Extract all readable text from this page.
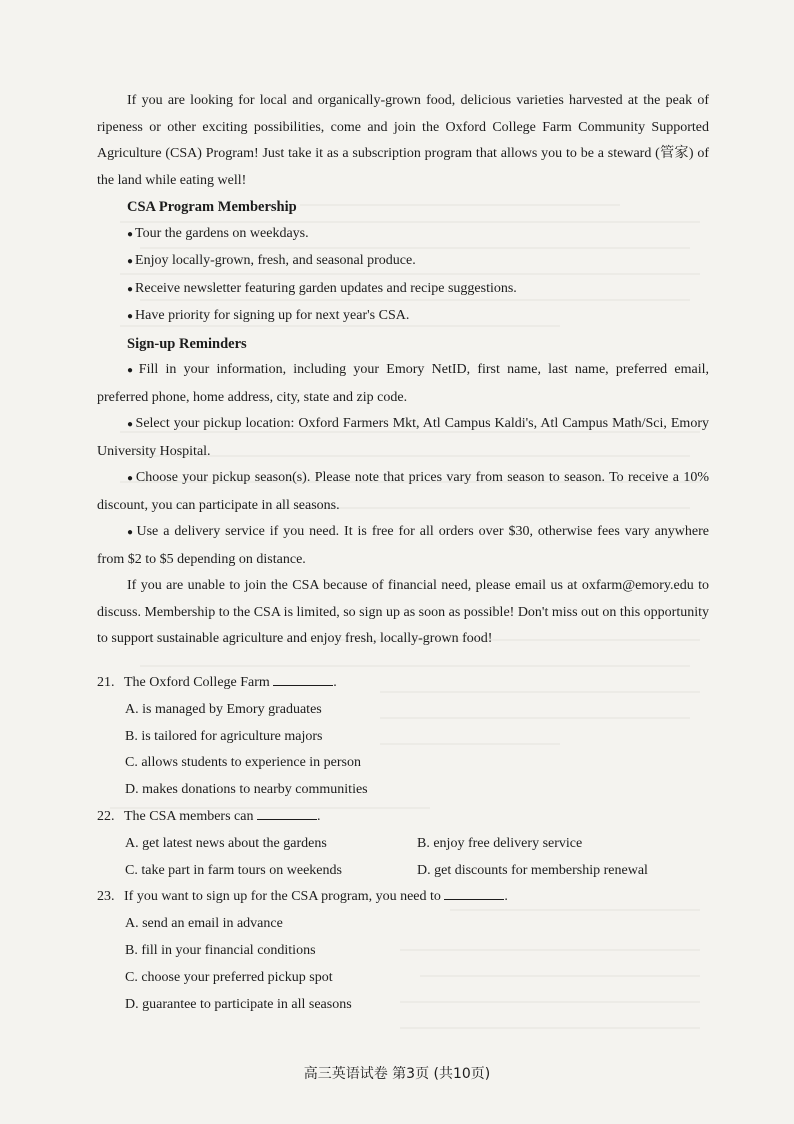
If you are looking for local and organically-grown food, delicious varieties harvested at the peak of ripeness or other exciting possibilities, come and join the Oxford College Farm Community Supported Agriculture (CSA) Program! Just take it as a subscription program that allows you to be a steward (管家) of the land while eating well!

CSA Program Membership

● Tour the gardens on weekdays.

● Enjoy locally-grown, fresh, and seasonal produce.

● Receive newsletter featuring garden updates and recipe suggestions.

● Have priority for signing up for next year's CSA.

Sign-up Reminders

● Fill in your information, including your Emory NetID, first name, last name, preferred email, preferred phone, home address, city, state and zip code.

● Select your pickup location: Oxford Farmers Mkt, Atl Campus Kaldi's, Atl Campus Math/Sci, Emory University Hospital.

● Choose your pickup season(s). Please note that prices vary from season to season. To receive a 10% discount, you can participate in all seasons.

● Use a delivery service if you need. It is free for all orders over $30, otherwise fees vary anywhere from $2 to $5 depending on distance.

If you are unable to join the CSA because of financial need, please email us at oxfarm@emory.edu to discuss. Membership to the CSA is limited, so sign up as soon as possible! Don't miss out on this opportunity to support sustainable agriculture and enjoy fresh, locally-grown food!

21. The Oxford College Farm	.

A. is managed by Emory graduates

B. is tailored for agriculture majors

C. allows students to experience in person

D. makes donations to nearby communities

22. The CSA members can	.

A. get latest news about the gardens	B. enjoy free delivery service
C. take part in farm tours on weekends	D. get discounts for membership renewal

23. If you want to sign up for the CSA program, you need to	.

A. send an email in advance

B. fill in your financial conditions

C. choose your preferred pickup spot

D. guarantee to participate in all seasons

高三英语试卷 第3页 (共10页)
